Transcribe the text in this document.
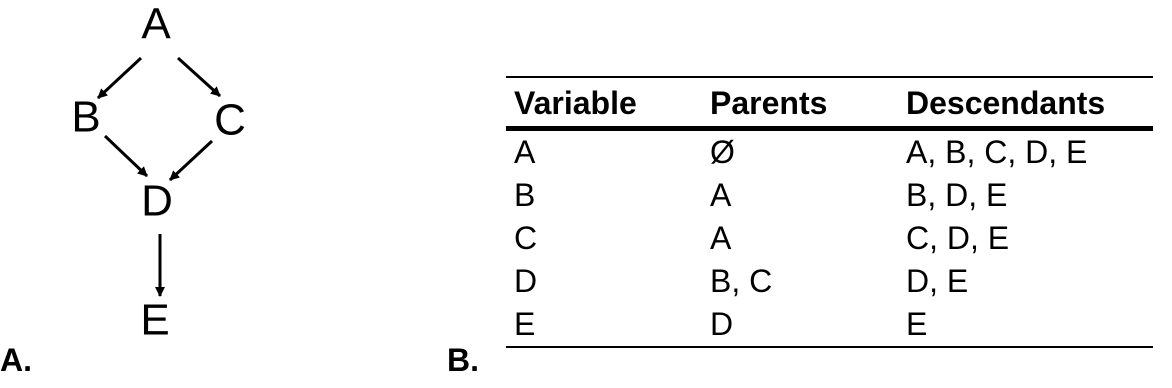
A
B	C
D
E
A.	B.
Variable	Parents	Descendants
A	Ø	A, B, C, D, E
B	A	B, D, E
C	A	C, D, E
D	B, C	D, E
E	D	E
